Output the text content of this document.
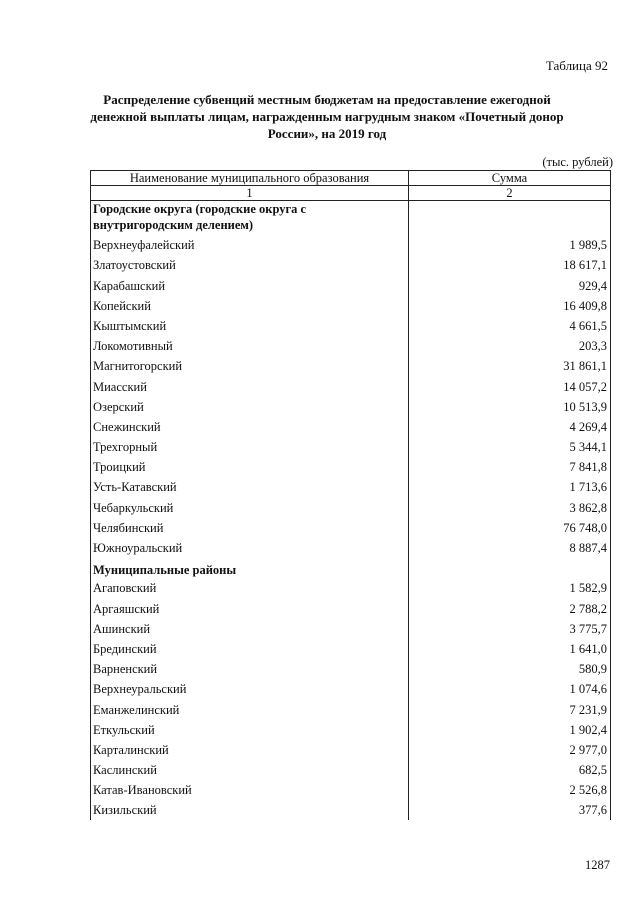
Таблица 92
Распределение субвенций местным бюджетам на предоставление ежегодной денежной выплаты лицам, награжденным нагрудным знаком «Почетный донор России», на 2019 год
(тыс. рублей)
Наименование муниципального образования	Сумма
1	2
Городские округа (городские округа с внутригородским делением)	
Верхнеуфалейский	1 989,5
Златоустовский	18 617,1
Карабашский	929,4
Копейский	16 409,8
Кыштымский	4 661,5
Локомотивный	203,3
Магнитогорский	31 861,1
Миасский	14 057,2
Озерский	10 513,9
Снежинский	4 269,4
Трехгорный	5 344,1
Троицкий	7 841,8
Усть-Катавский	1 713,6
Чебаркульский	3 862,8
Челябинский	76 748,0
Южноуральский	8 887,4
Муниципальные районы	
Агаповский	1 582,9
Аргаяшский	2 788,2
Ашинский	3 775,7
Брединский	1 641,0
Варненский	580,9
Верхнеуральский	1 074,6
Еманжелинский	7 231,9
Еткульский	1 902,4
Карталинский	2 977,0
Каслинский	682,5
Катав-Ивановский	2 526,8
Кизильский	377,6
1287
